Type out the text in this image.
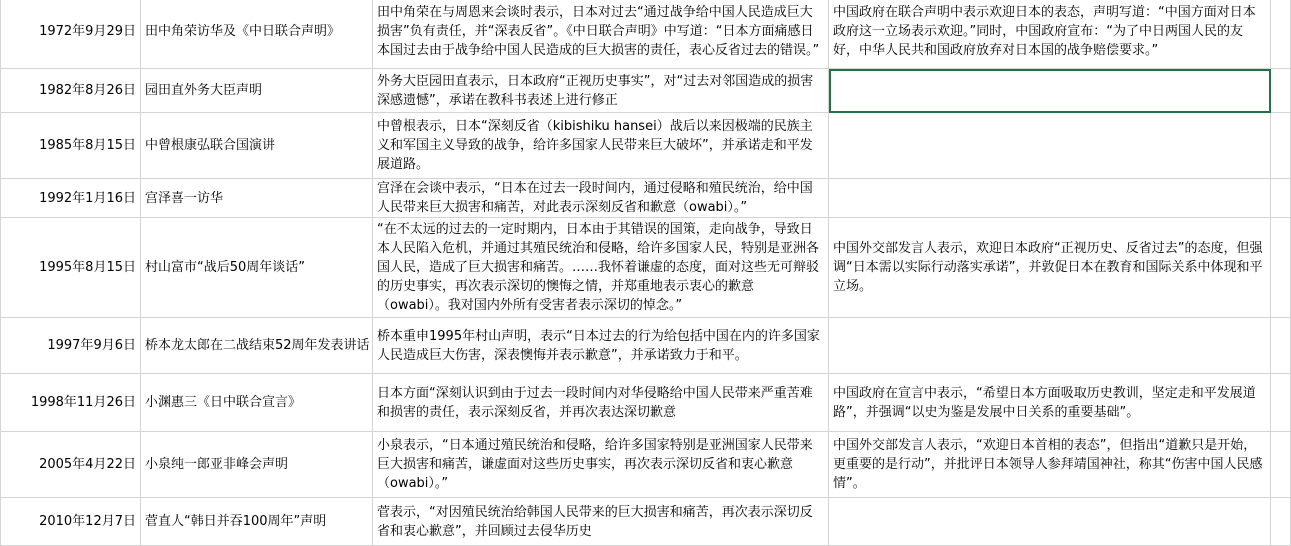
1972年9月29日	田中角荣访华及《中日联合声明》	田中角荣在与周恩来会谈时表示，日本对过去“通过战争给中国人民造成巨大损害”负有责任，并“深表反省”。《中日联合声明》中写道：“日本方面痛感日本国过去由于战争给中国人民造成的巨大损害的责任，表心反省过去的错误。”	中国政府在联合声明中表示欢迎日本的表态，声明写道：“中国方面对日本政府这一立场表示欢迎。”同时，中国政府宣布：“为了中日两国人民的友好，中华人民共和国政府放弃对日本国的战争赔偿要求。”	
1982年8月26日	园田直外务大臣声明	外务大臣园田直表示，日本政府“正视历史事实”，对“过去对邻国造成的损害深感遗憾”，承诺在教科书表述上进行修正		
1985年8月15日	中曾根康弘联合国演讲	中曾根表示，日本“深刻反省（kibishiku hansei）战后以来因极端的民族主义和军国主义导致的战争，给许多国家人民带来巨大破坏”，并承诺走和平发展道路。		
1992年1月16日	宫泽喜一访华	宫泽在会谈中表示，“日本在过去一段时间内，通过侵略和殖民统治，给中国人民带来巨大损害和痛苦，对此表示深刻反省和歉意（owabi）。”		
1995年8月15日	村山富市“战后50周年谈话”	“在不太远的过去的一定时期内，日本由于其错误的国策，走向战争，导致日本人民陷入危机，并通过其殖民统治和侵略，给许多国家人民，特别是亚洲各国人民，造成了巨大损害和痛苦。……我怀着谦虚的态度，面对这些无可辩驳的历史事实，再次表示深切的懊悔之情，并郑重地表示衷心的歉意（owabi）。我对国内外所有受害者表示深切的悼念。”	中国外交部发言人表示，欢迎日本政府“正视历史、反省过去”的态度，但强调“日本需以实际行动落实承诺”，并敦促日本在教育和国际关系中体现和平立场。	
1997年9月6日	桥本龙太郎在二战结束52周年发表讲话	桥本重申1995年村山声明，表示“日本过去的行为给包括中国在内的许多国家人民造成巨大伤害，深表懊悔并表示歉意”，并承诺致力于和平。		
1998年11月26日	小渊惠三《日中联合宣言》	日本方面“深刻认识到由于过去一段时间内对华侵略给中国人民带来严重苦难和损害的责任，表示深刻反省，并再次表达深切歉意	中国政府在宣言中表示，“希望日本方面吸取历史教训，坚定走和平发展道路”，并强调“以史为鉴是发展中日关系的重要基础”。	
2005年4月22日	小泉纯一郎亚非峰会声明	小泉表示，“日本通过殖民统治和侵略，给许多国家特别是亚洲国家人民带来巨大损害和痛苦，谦虚面对这些历史事实，再次表示深切反省和衷心歉意（owabi）。”	中国外交部发言人表示，“欢迎日本首相的表态”，但指出“道歉只是开始，更重要的是行动”，并批评日本领导人参拜靖国神社，称其“伤害中国人民感情”。	
2010年12月7日	菅直人“韩日并吞100周年”声明	菅表示，“对因殖民统治给韩国人民带来的巨大损害和痛苦，再次表示深切反省和衷心歉意”，并回顾过去侵华历史		
